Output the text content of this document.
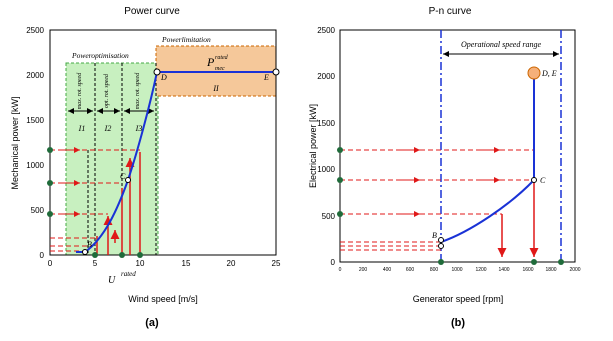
Power curve
0
500
1000
1500
2000
2500
0	5	10	15	20	25
Mechanical power [kW]
Wind speed [m/s]
U
rated
(a)
Poweroptimisation
Powerlimitation
max. rot. speed	opt. rot. speed	max. rot. speed
I1 I2	I3
II
P mec
rated
B
C
D	E
P-n curve
0
500
1000
1500
2000
2500
0	200	400	600	800	1000	1200 1400	1600 1800	2000
Electrical power [kW]
Generator speed [rpm]
(b)
Operational speed range
B
C
D, E
